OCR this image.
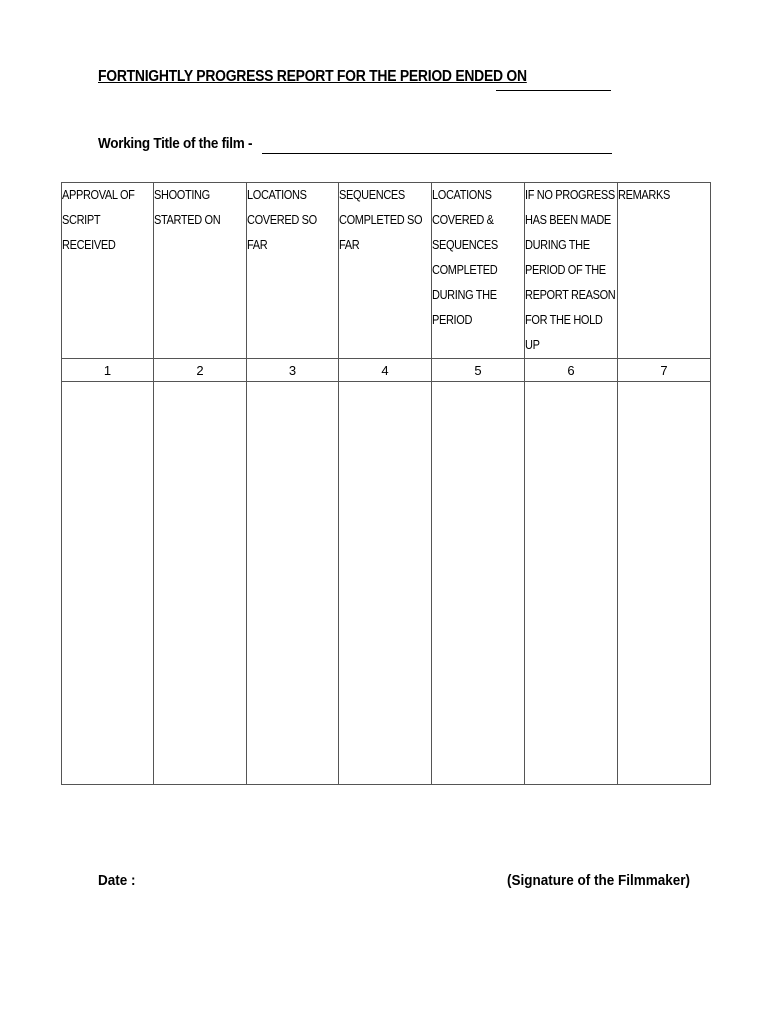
FORTNIGHTLY PROGRESS REPORT FOR THE PERIOD ENDED ON
Working Title of the film -
APPROVAL OF SCRIPT RECEIVED	SHOOTING STARTED ON	LOCATIONS COVERED SO FAR	SEQUENCES COMPLETED SO FAR	LOCATIONS COVERED & SEQUENCES COMPLETED DURING THE PERIOD	IF NO PROGRESS HAS BEEN MADE DURING THE PERIOD OF THE REPORT REASON FOR THE HOLD UP	REMARKS
1	2	3	4	5	6	7

Date :	(Signature of the Filmmaker)
